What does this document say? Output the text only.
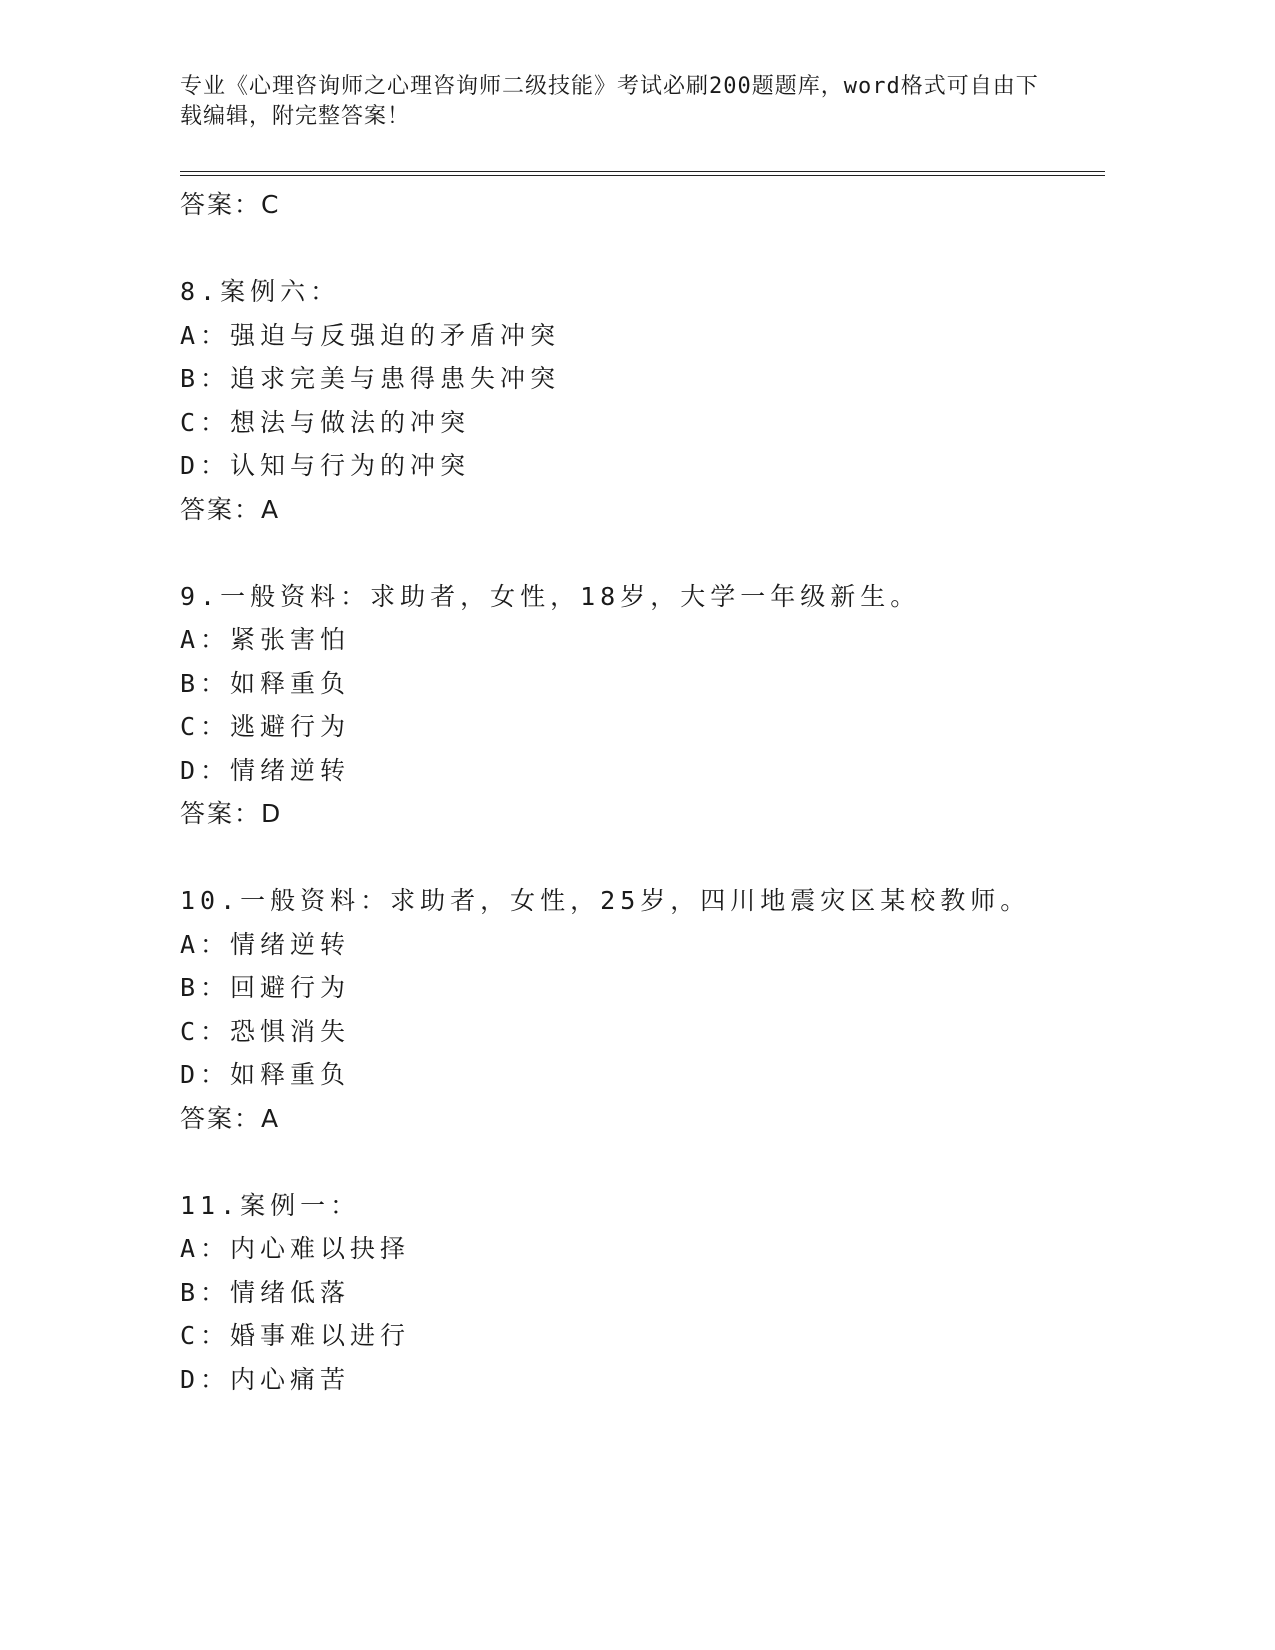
专业《心理咨询师之心理咨询师二级技能》考试必刷200题题库，word格式可自由下载编辑，附完整答案！
答案：C
8.案例六：
A：强迫与反强迫的矛盾冲突
B：追求完美与患得患失冲突
C：想法与做法的冲突
D：认知与行为的冲突
答案：A
9.一般资料：求助者，女性，18岁，大学一年级新生。
A：紧张害怕
B：如释重负
C：逃避行为
D：情绪逆转
答案：D
10.一般资料：求助者，女性，25岁，四川地震灾区某校教师。
A：情绪逆转
B：回避行为
C：恐惧消失
D：如释重负
答案：A
11.案例一：
A：内心难以抉择
B：情绪低落
C：婚事难以进行
D：内心痛苦
